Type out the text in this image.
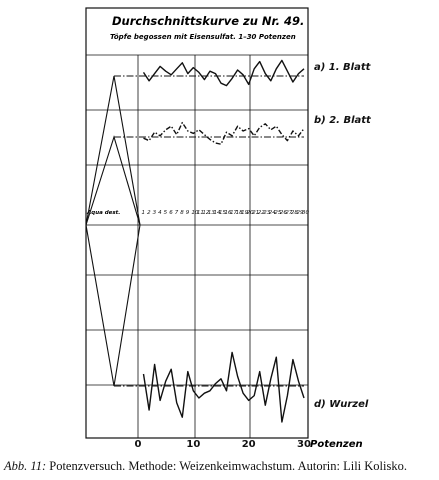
Durchschnittskurve zu Nr. 49.
Töpfe begossen mit Eisensulfat. 1–30 Potenzen
Aqua dest.	1 2 3 4 5 6 7 8 9 10
11
12
13
14
15
16
17
18
19
20
21
22
23
24
25
26
27
28
29
30
a) 1. Blatt
b) 2. Blatt
d) Wurzel
0	10	20	30 Potenzen
Abb. 11: Potenzversuch. Methode: Weizenkeimwachstum. Autorin: Lili Kolisko.
